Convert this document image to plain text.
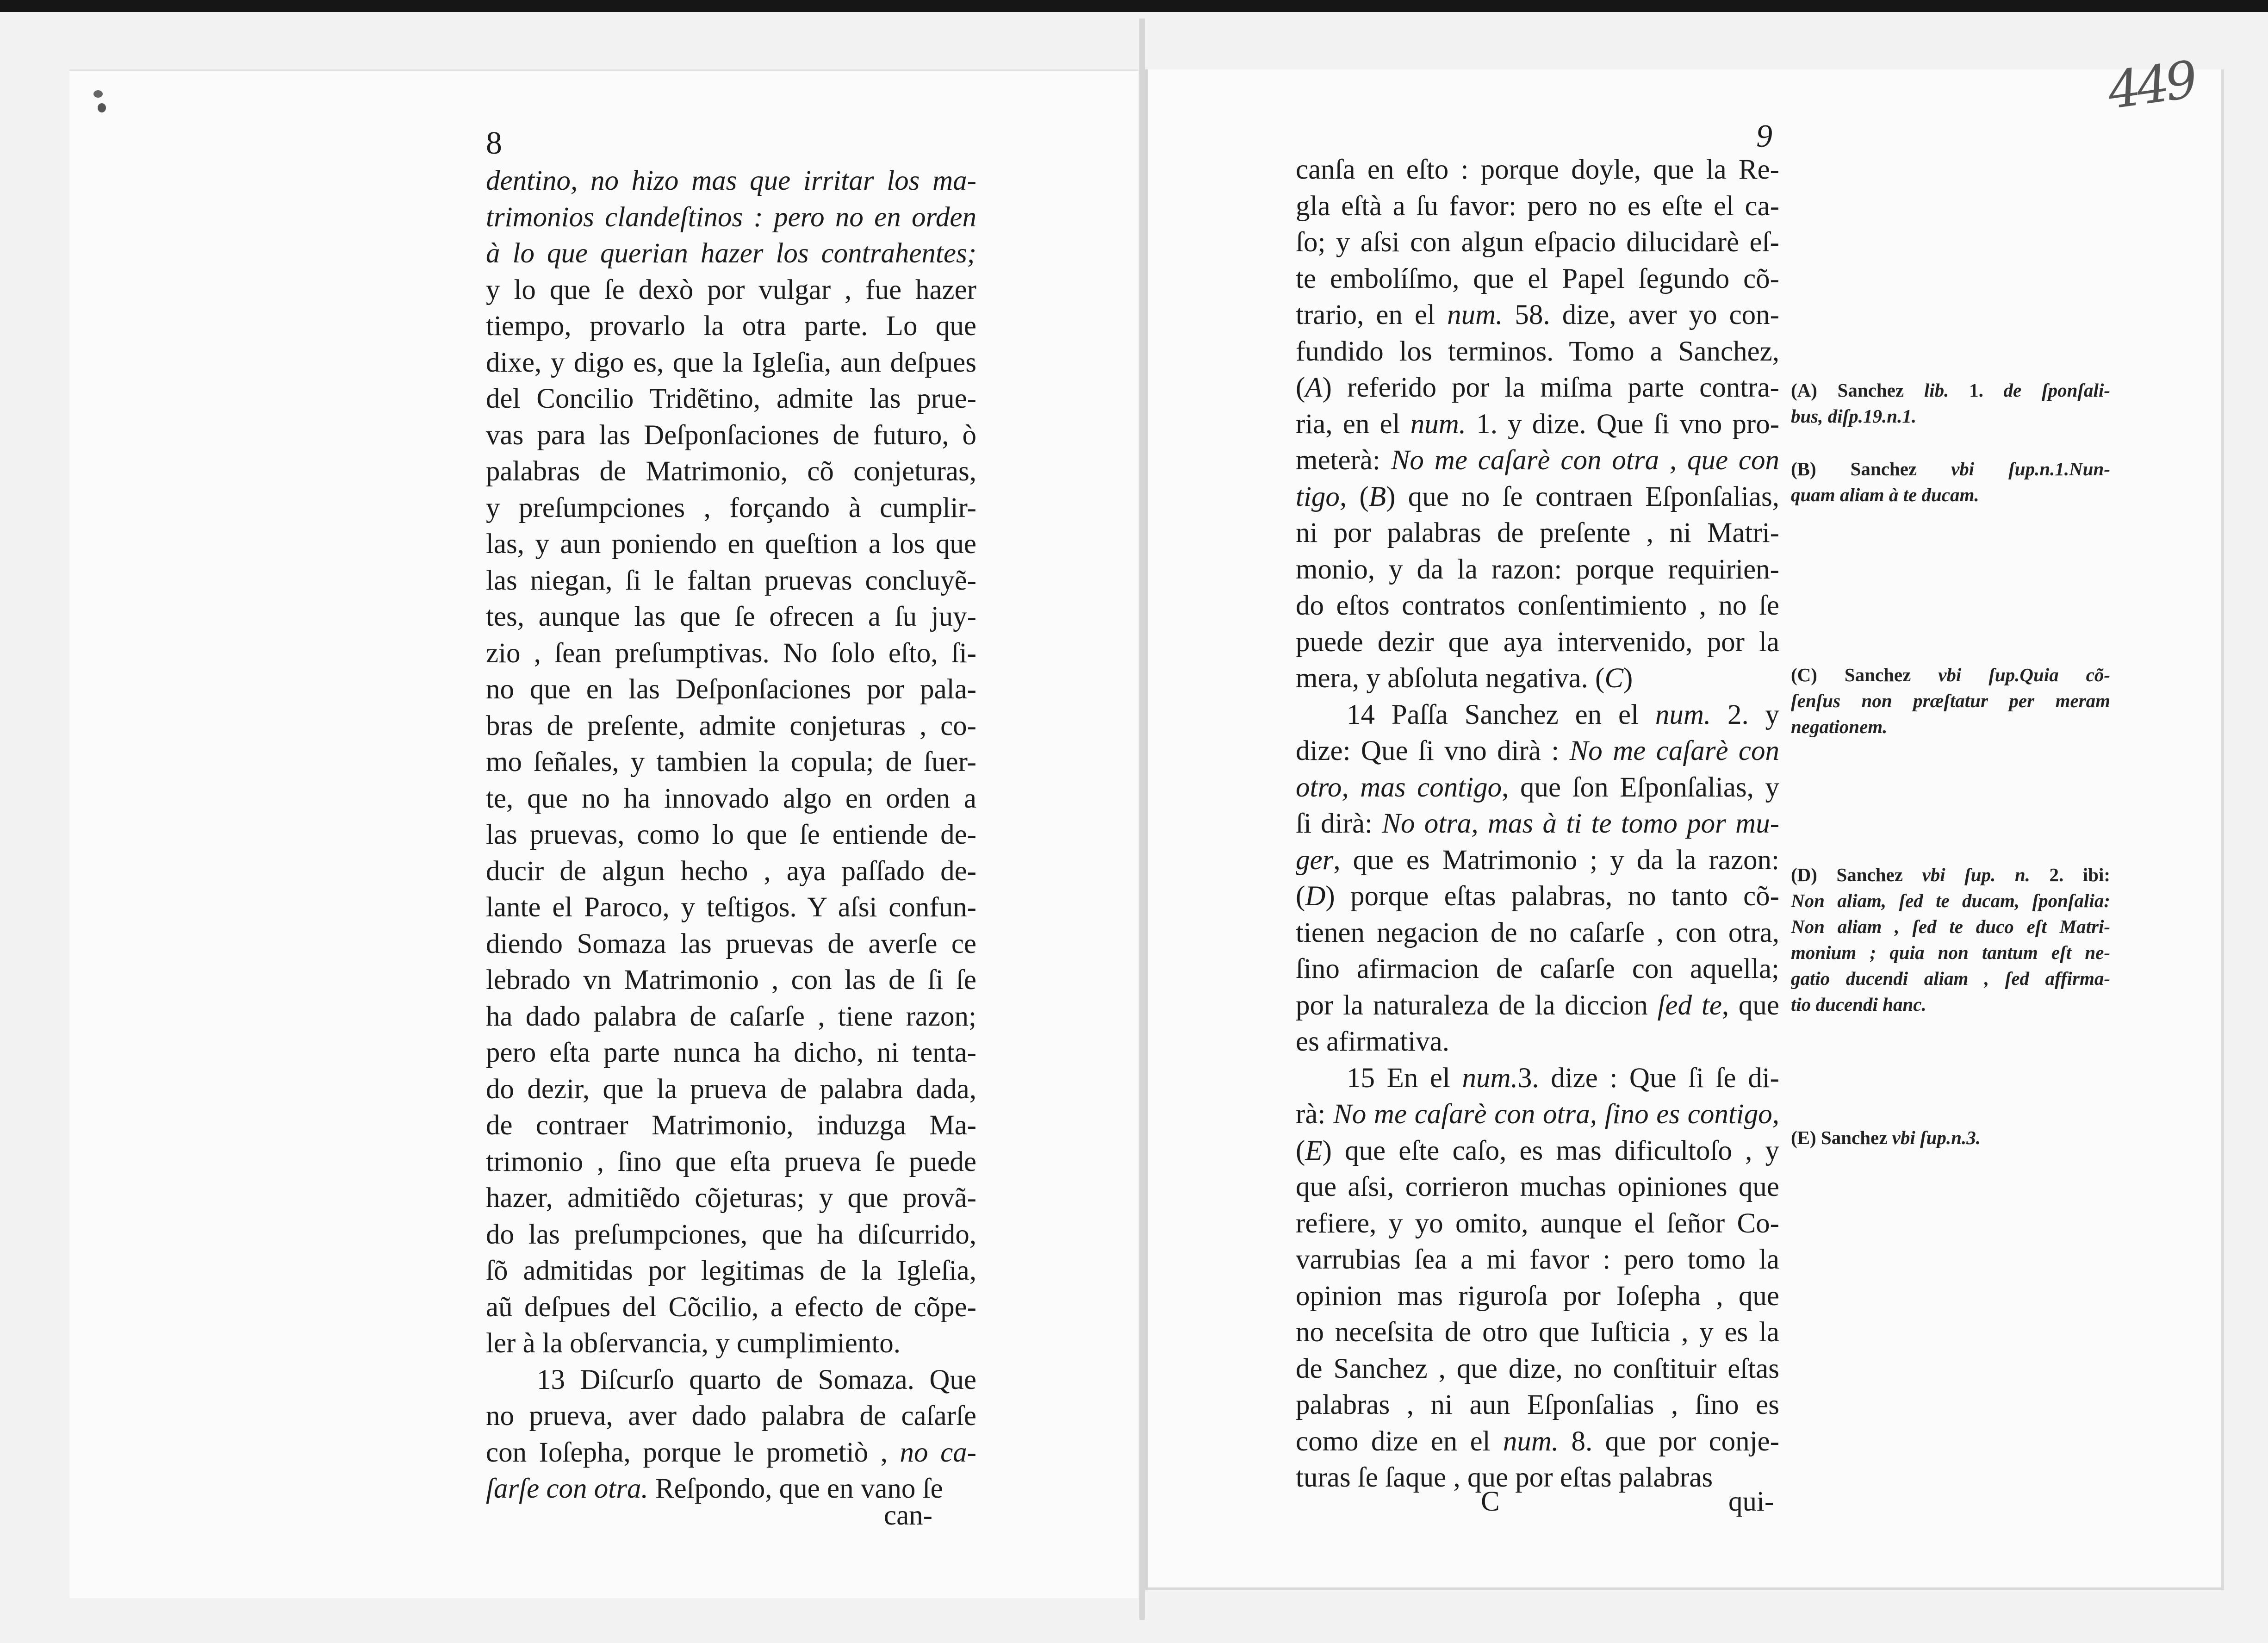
449
8
dentino, no hizo mas que irritar los ma-
trimonios clandeſtinos : pero no en orden
à lo que querian hazer los contrahentes;
y lo que ſe dexò por vulgar , fue hazer
tiempo, provarlo la otra parte. Lo que
dixe, y digo es, que la Igleſia, aun deſpues
del Concilio Tridẽtino, admite las prue-
vas para las Deſponſaciones de futuro, ò
palabras de Matrimonio, cõ conjeturas,
y preſumpciones , forçando à cumplir-
las, y aun poniendo en queſtion a los que
las niegan, ſi le faltan pruevas concluyẽ-
tes, aunque las que ſe ofrecen a ſu juy-
zio , ſean preſumptivas. No ſolo eſto, ſi-
no que en las Deſponſaciones por pala-
bras de preſente, admite conjeturas , co-
mo ſeñales, y tambien la copula; de ſuer-
te, que no ha innovado algo en orden a
las pruevas, como lo que ſe entiende de-
ducir de algun hecho , aya paſſado de-
lante el Paroco, y teſtigos. Y aſsi confun-
diendo Somaza las pruevas de averſe ce
lebrado vn Matrimonio , con las de ſi ſe
ha dado palabra de caſarſe , tiene razon;
pero eſta parte nunca ha dicho, ni tenta-
do dezir, que la prueva de palabra dada,
de contraer Matrimonio, induzga Ma-
trimonio , ſino que eſta prueva ſe puede
hazer, admitiẽdo cõjeturas; y que provã-
do las preſumpciones, que ha diſcurrido,
ſõ admitidas por legitimas de la Igleſia,
aũ deſpues del Cõcilio, a efecto de cõpe-
ler à la obſervancia, y cumplimiento.
13 Diſcurſo quarto de Somaza. Que
no prueva, aver dado palabra de caſarſe
con Ioſepha, porque le prometiò , no ca-
ſarſe con otra. Reſpondo, que en vano ſe
can-
9
canſa en eſto : porque doyle, que la Re-
gla eſtà a ſu favor: pero no es eſte el ca-
ſo; y aſsi con algun eſpacio dilucidarè eſ-
te embolíſmo, que el Papel ſegundo cõ-
trario, en el num. 58. dize, aver yo con-
fundido los terminos. Tomo a Sanchez,
(A) referido por la miſma parte contra-
ria, en el num. 1. y dize. Que ſi vno pro-
meterà: No me caſarè con otra , que con
tigo, (B) que no ſe contraen Eſponſalias,
ni por palabras de preſente , ni Matri-
monio, y da la razon: porque requirien-
do eſtos contratos conſentimiento , no ſe
puede dezir que aya intervenido, por la
mera, y abſoluta negativa. (C)
14 Paſſa Sanchez en el num. 2. y
dize: Que ſi vno dirà : No me caſarè con
otro, mas contigo, que ſon Eſponſalias, y
ſi dirà: No otra, mas à ti te tomo por mu-
ger, que es Matrimonio ; y da la razon:
(D) porque eſtas palabras, no tanto cõ-
tienen negacion de no caſarſe , con otra,
ſino afirmacion de caſarſe con aquella;
por la naturaleza de la diccion ſed te, que
es afirmativa.
15 En el num.3. dize : Que ſi ſe di-
rà: No me caſarè con otra, ſino es contigo,
(E) que eſte caſo, es mas dificultoſo , y
que aſsi, corrieron muchas opiniones que
refiere, y yo omito, aunque el ſeñor Co-
varrubias ſea a mi favor : pero tomo la
opinion mas riguroſa por Ioſepha , que
no neceſsita de otro que Iuſticia , y es la
de Sanchez , que dize, no conſtituir eſtas
palabras , ni aun Eſponſalias , ſino es
como dize en el num. 8. que por conje-
turas ſe ſaque , que por eſtas palabras
C	qui-
(A) Sanchez lib. 1. de ſponſali-
bus, diſp.19.n.1.
(B) Sanchez vbi ſup.n.1.Nun-
quam aliam à te ducam.
(C) Sanchez vbi ſup.Quia cõ-
ſenſus non præſtatur per meram
negationem.
(D) Sanchez vbi ſup. n. 2. ibi:
Non aliam, ſed te ducam, ſponſalia:
Non aliam , ſed te duco eſt Matri-
monium ; quia non tantum eſt ne-
gatio ducendi aliam , ſed affirma-
tio ducendi hanc.
(E) Sanchez vbi ſup.n.3.
